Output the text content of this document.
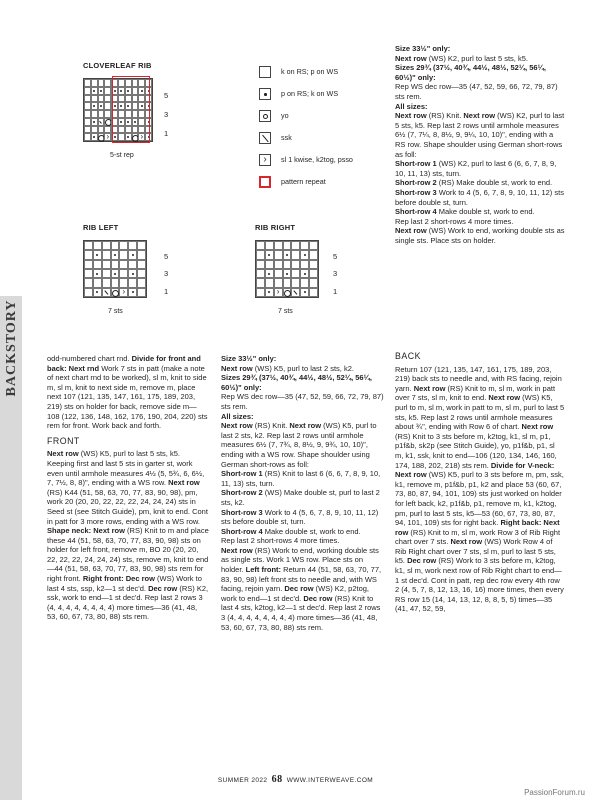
BACKSTORY
CLOVERLEAF RIB
›
›
5
3
1
5-st rep
k on RS; p on WS
p on RS; k on WS
yo
ssk
›	sl 1 kwise, k2tog, psso
pattern repeat
RIB LEFT
›
5
3
1
7 sts
RIB RIGHT
›
5
3
1
7 sts

Size 33½" only:

Next row (WS) K2, purl to last 5 sts, k5.

Sizes 29¾ (37½, 40¾, 44½, 48½, 52¼, 56¼, 60½)" only:

Rep WS dec row—35 (47, 52, 59, 66, 72, 79, 87) sts rem.

All sizes:

Next row (RS) Knit. Next row (WS) K2, purl to last 5 sts, k5. Rep last 2 rows until armhole measures 6½ (7, 7¼, 8, 8½, 9, 9¼, 10, 10)", ending with a RS row. Shape shoulder using German short-rows as foll:

Short-row 1 (WS) K2, purl to last 6 (6, 6, 7, 8, 9, 10, 11, 13) sts, turn.

Short-row 2 (RS) Make double st, work to end.

Short-row 3 Work to 4 (5, 6, 7, 8, 9, 10, 11, 12) sts before double st, turn.

Short-row 4 Make double st, work to end.

Rep last 2 short-rows 4 more times.

Next row (WS) Work to end, working double sts as single sts. Place sts on holder.

odd-numbered chart rnd. Divide for front and back: Next rnd Work 7 sts in patt (make a note of next chart rnd to be worked), sl m, knit to side m, sl m, knit to next side m, remove m, place next 107 (121, 135, 147, 161, 175, 189, 203, 219) sts on holder for back, remove side m—108 (122, 136, 148, 162, 176, 190, 204, 220) sts rem for front. Work back and forth.

FRONT

Next row (WS) K5, purl to last 5 sts, k5. Keeping first and last 5 sts in garter st, work even until armhole measures 4½ (5, 5¾, 6, 6½, 7, 7½, 8, 8)", ending with a WS row. Next row (RS) K44 (51, 58, 63, 70, 77, 83, 90, 98), pm, work 20 (20, 20, 22, 22, 22, 24, 24, 24) sts in Seed st (see Stitch Guide), pm, knit to end. Cont in patt for 3 more rows, ending with a WS row. Shape neck: Next row (RS) Knit to m and place these 44 (51, 58, 63, 70, 77, 83, 90, 98) sts on holder for left front, remove m, BO 20 (20, 20, 22, 22, 22, 24, 24, 24) sts, remove m, knit to end—44 (51, 58, 63, 70, 77, 83, 90, 98) sts rem for right front. Right front: Dec row (WS) Work to last 4 sts, ssp, k2—1 st dec'd. Dec row (RS) K2, ssk, work to end—1 st dec'd. Rep last 2 rows 3 (4, 4, 4, 4, 4, 4, 4, 4) more times—36 (41, 48, 53, 60, 67, 73, 80, 88) sts rem.

Size 33½" only:

Next row (WS) K5, purl to last 2 sts, k2.

Sizes 29¾ (37½, 40¾, 44½, 48½, 52¼, 56¼, 60½)" only:

Rep WS dec row—35 (47, 52, 59, 66, 72, 79, 87) sts rem.

All sizes:

Next row (RS) Knit. Next row (WS) K5, purl to last 2 sts, k2. Rep last 2 rows until armhole measures 6½ (7, 7¾, 8, 8½, 9, 9¾, 10, 10)", ending with a WS row. Shape shoulder using German short-rows as foll:

Short-row 1 (RS) Knit to last 6 (6, 6, 7, 8, 9, 10, 11, 13) sts, turn.

Short-row 2 (WS) Make double st, purl to last 2 sts, k2.

Short-row 3 Work to 4 (5, 6, 7, 8, 9, 10, 11, 12) sts before double st, turn.

Short-row 4 Make double st, work to end.

Rep last 2 short-rows 4 more times.

Next row (RS) Work to end, working double sts as single sts. Work 1 WS row. Place sts on holder. Left front: Return 44 (51, 58, 63, 70, 77, 83, 90, 98) left front sts to needle and, with WS facing, rejoin yarn. Dec row (WS) K2, p2tog, work to end—1 st dec'd. Dec row (RS) Knit to last 4 sts, k2tog, k2—1 st dec'd. Rep last 2 rows 3 (4, 4, 4, 4, 4, 4, 4, 4) more times—36 (41, 48, 53, 60, 67, 73, 80, 88) sts rem.

BACK

Return 107 (121, 135, 147, 161, 175, 189, 203, 219) back sts to needle and, with RS facing, rejoin yarn. Next row (RS) Knit to m, sl m, work in patt over 7 sts, sl m, knit to end. Next row (WS) K5, purl to m, sl m, work in patt to m, sl m, purl to last 5 sts, k5. Rep last 2 rows until armhole measures about ¾", ending with Row 6 of chart. Next row (RS) Knit to 3 sts before m, k2tog, k1, sl m, p1, p1f&b, sk2p (see Stitch Guide), yo, p1f&b, p1, sl m, k1, ssk, knit to end—106 (120, 134, 146, 160, 174, 188, 202, 218) sts rem. Divide for V-neck: Next row (WS) K5, purl to 3 sts before m, pm, ssk, k1, remove m, p1f&b, p1, k2 and place 53 (60, 67, 73, 80, 87, 94, 101, 109) sts just worked on holder for left back, k2, p1f&b, p1, remove m, k1, k2tog, pm, purl to last 5 sts, k5—53 (60, 67, 73, 80, 87, 94, 101, 109) sts for right back. Right back: Next row (RS) Knit to m, sl m, work Row 3 of Rib Right chart over 7 sts. Next row (WS) Work Row 4 of Rib Right chart over 7 sts, sl m, purl to last 5 sts, k5. Dec row (RS) Work to 3 sts before m, k2tog, k1, sl m, work next row of Rib Right chart to end—1 st dec'd. Cont in patt, rep dec row every 4th row 2 (4, 5, 7, 8, 12, 13, 16, 16) more times, then every RS row 15 (14, 14, 13, 12, 8, 8, 5, 5) times—35 (41, 47, 52, 59,

SUMMER 2022 68 WWW.INTERWEAVE.COM
PassionForum.ru
